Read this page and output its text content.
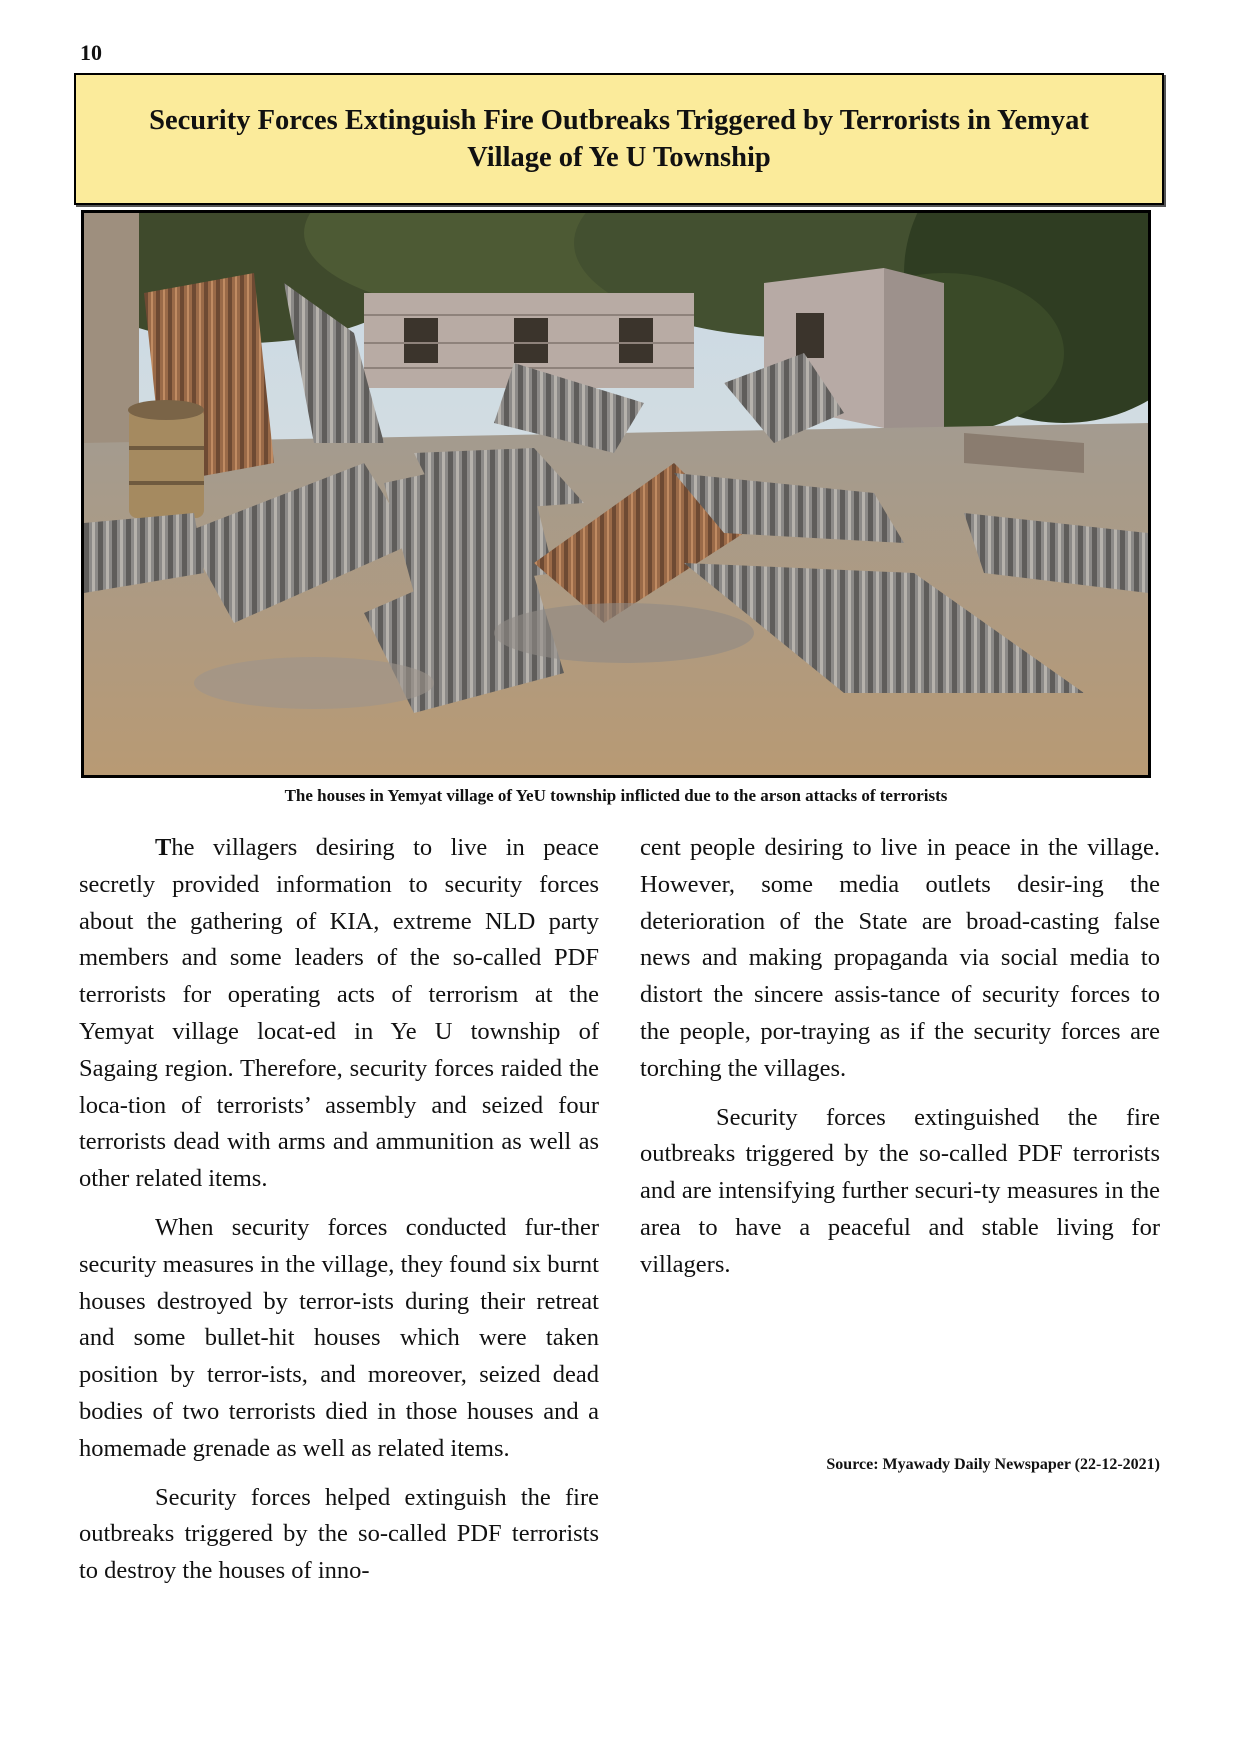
10
Security Forces Extinguish Fire Outbreaks Triggered by Terrorists in Yemyat Village of Ye U Township
The houses in Yemyat village of YeU township inflicted due to the arson attacks of terrorists

The villagers desiring to live in peace secretly provided information to security forces about the gathering of KIA, extreme NLD party members and some leaders of the so-called PDF terrorists for operating acts of terrorism at the Yemyat village locat-ed in Ye U township of Sagaing region. Therefore, security forces raided the loca-tion of terrorists’ assembly and seized four terrorists dead with arms and ammunition as well as other related items.

When security forces conducted fur-ther security measures in the village, they found six burnt houses destroyed by terror-ists during their retreat and some bullet-hit houses which were taken position by terror-ists, and moreover, seized dead bodies of two terrorists died in those houses and a homemade grenade as well as related items.

Security forces helped extinguish the fire outbreaks triggered by the so-called PDF terrorists to destroy the houses of inno-

cent people desiring to live in peace in the village. However, some media outlets desir-ing the deterioration of the State are broad-casting false news and making propaganda via social media to distort the sincere assis-tance of security forces to the people, por-traying as if the security forces are torching the villages.

Security forces extinguished the fire outbreaks triggered by the so-called PDF terrorists and are intensifying further securi-ty measures in the area to have a peaceful and stable living for villagers.

Source: Myawady Daily Newspaper (22-12-2021)
